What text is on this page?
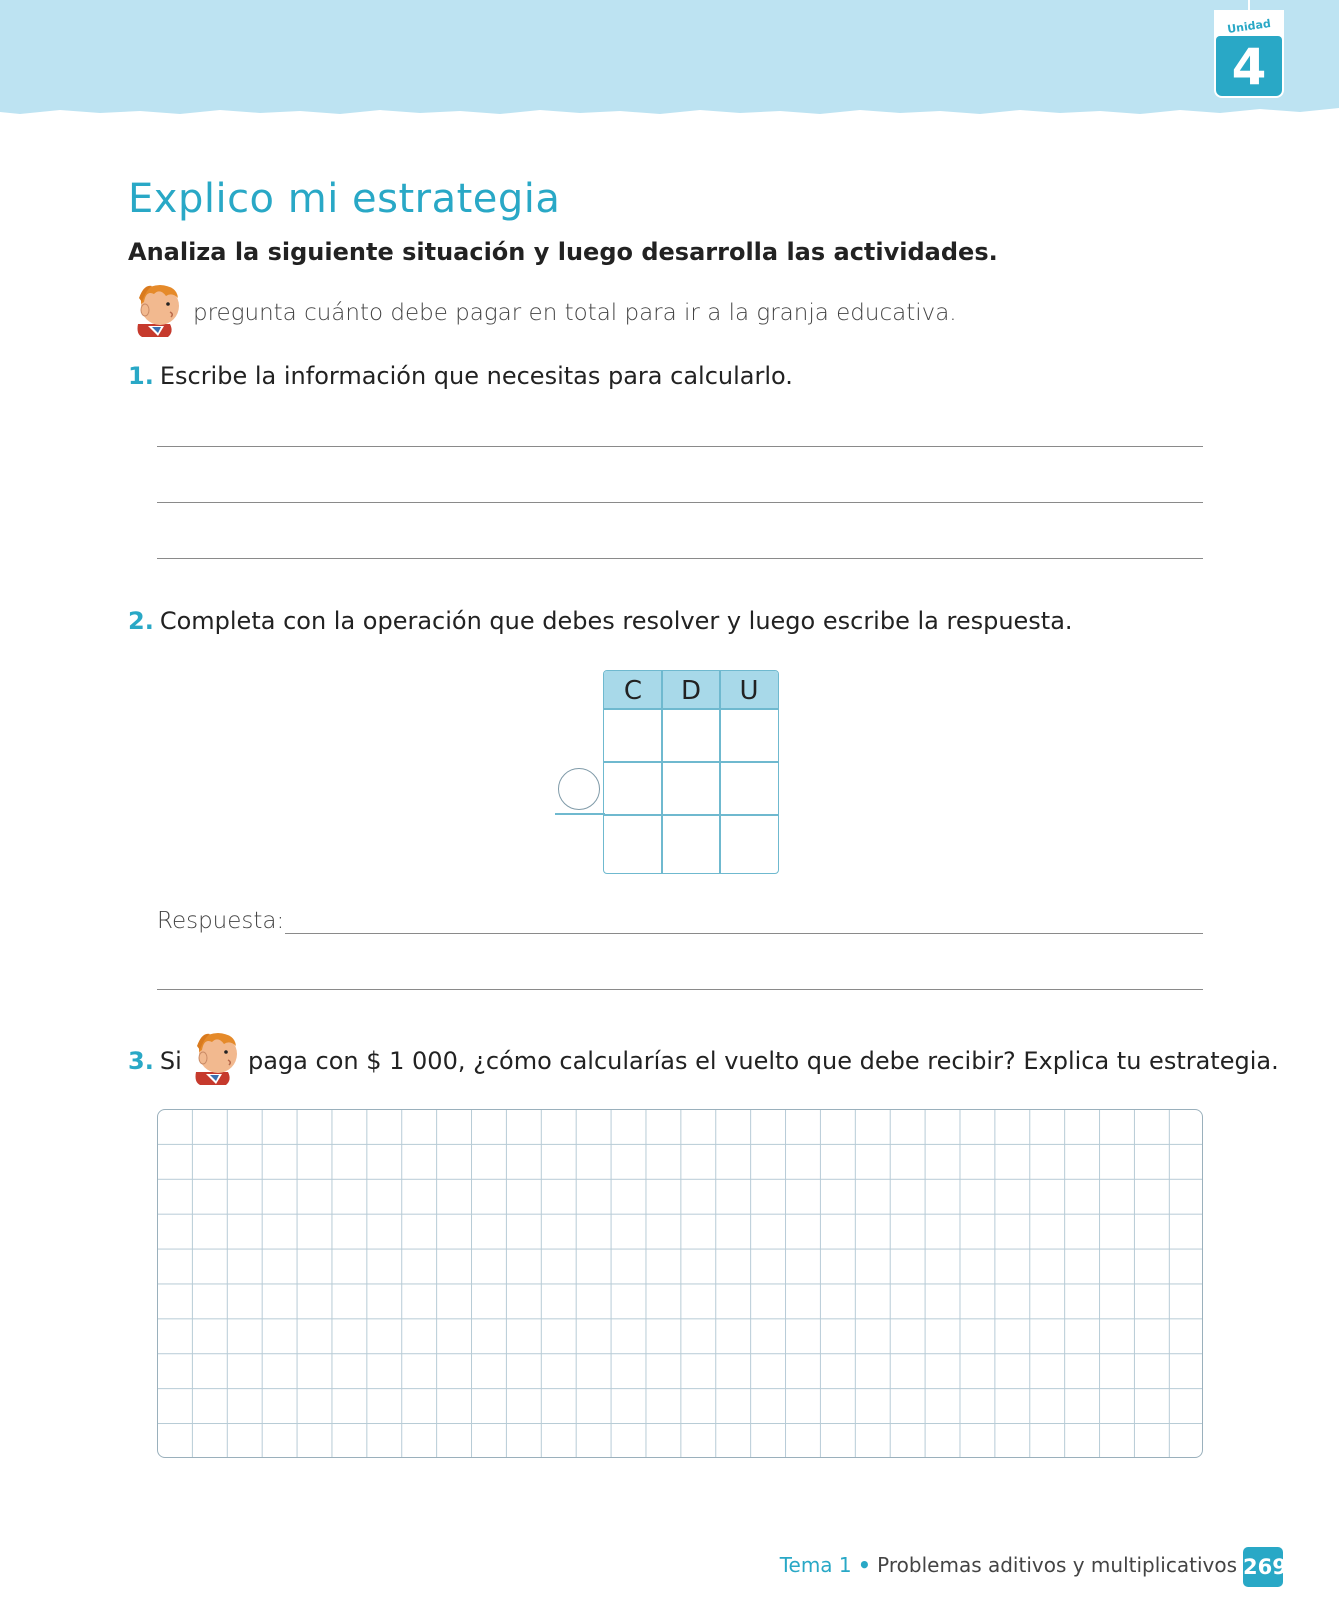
Unidad
4
Explico mi estrategia
Analiza la siguiente situación y luego desarrolla las actividades.
pregunta cuánto debe pagar en total para ir a la granja educativa.
1. Escribe la información que necesitas para calcularlo.
2. Completa con la operación que debes resolver y luego escribe la respuesta.
C	D	U
Respuesta:
3. Si	paga con $ 1 000, ¿cómo calcularías el vuelto que debe recibir? Explica tu estrategia.
Tema 1 • Problemas aditivos y multiplicativos 269
